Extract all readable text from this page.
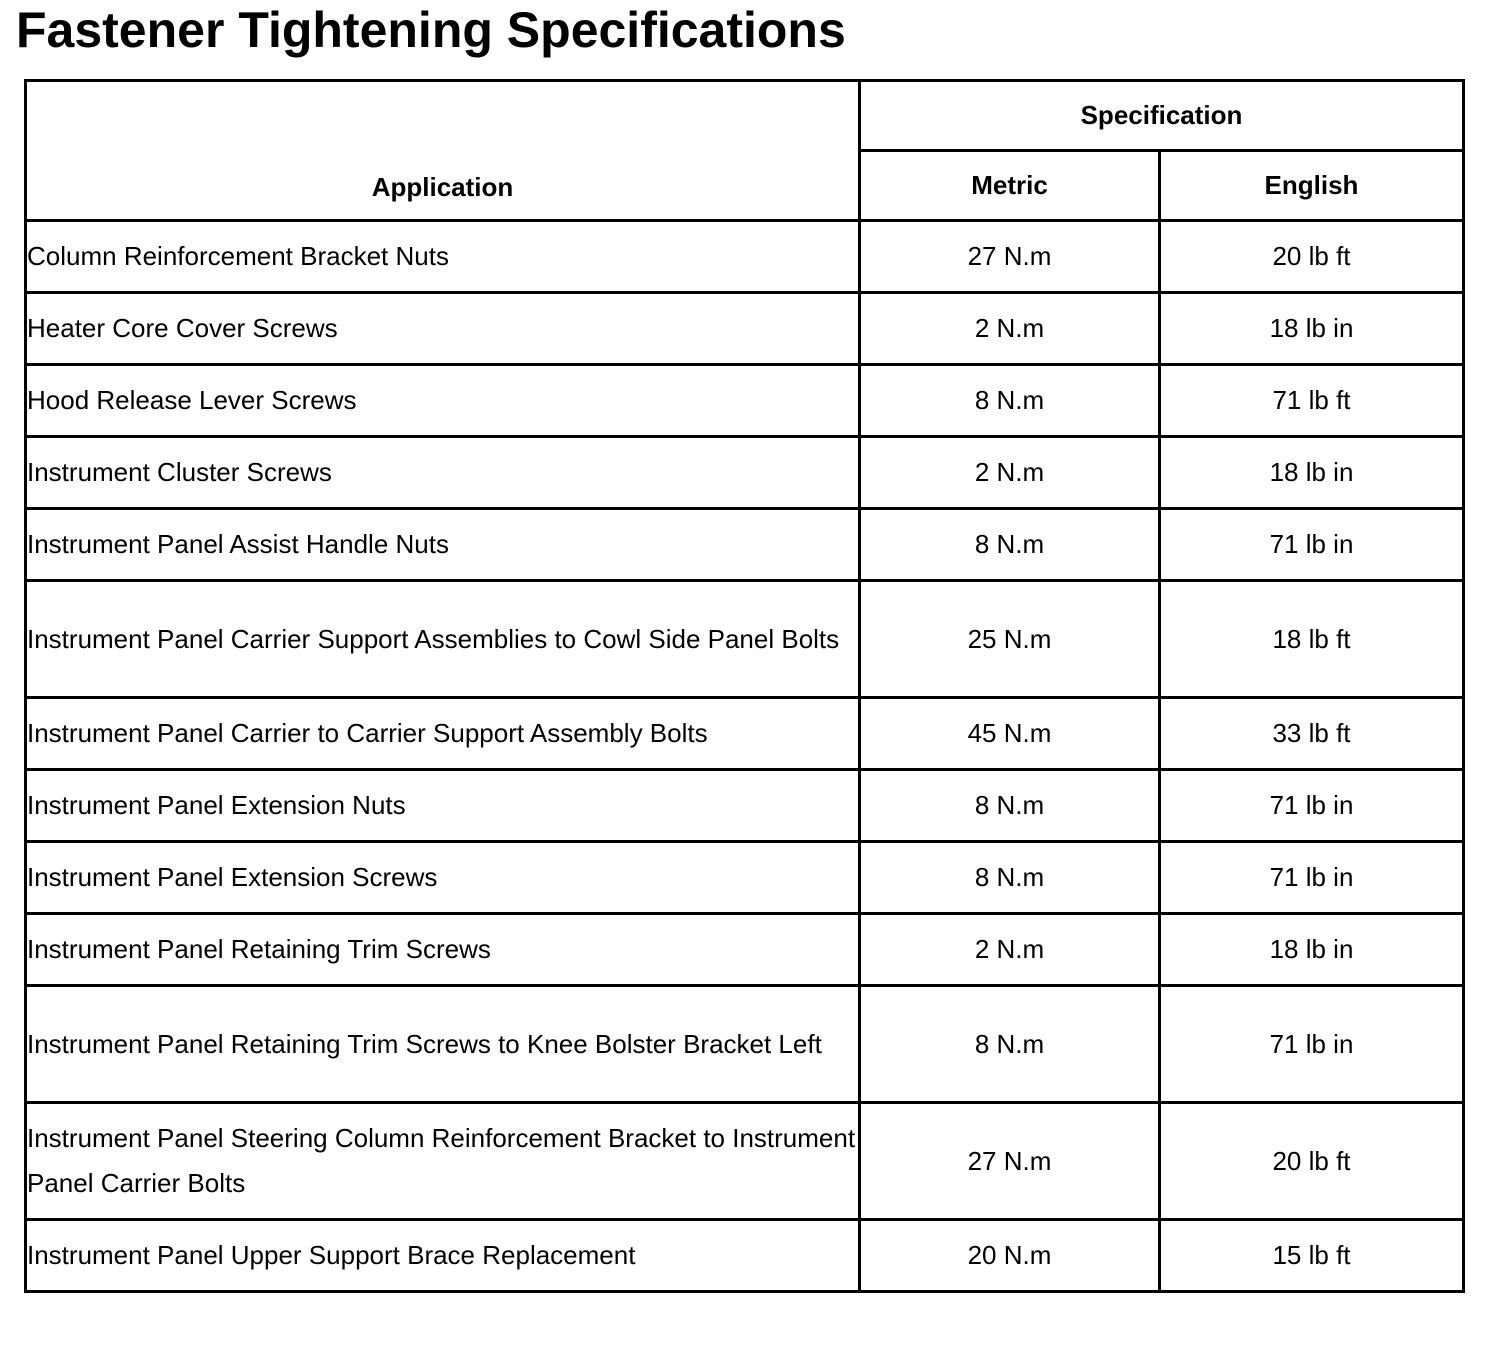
Fastener Tightening Specifications
Application	Specification	
	Metric	English
Column Reinforcement Bracket Nuts	27 N.m	20 lb ft
Heater Core Cover Screws	2 N.m	18 lb in
Hood Release Lever Screws	8 N.m	71 lb ft
Instrument Cluster Screws	2 N.m	18 lb in
Instrument Panel Assist Handle Nuts	8 N.m	71 lb in
Instrument Panel Carrier Support Assemblies to Cowl Side Panel Bolts	25 N.m	18 lb ft
Instrument Panel Carrier to Carrier Support Assembly Bolts	45 N.m	33 lb ft
Instrument Panel Extension Nuts	8 N.m	71 lb in
Instrument Panel Extension Screws	8 N.m	71 lb in
Instrument Panel Retaining Trim Screws	2 N.m	18 lb in
Instrument Panel Retaining Trim Screws to Knee Bolster Bracket Left	8 N.m	71 lb in
Instrument Panel Steering Column Reinforcement Bracket to Instrument Panel Carrier Bolts	27 N.m	20 lb ft
Instrument Panel Upper Support Brace Replacement	20 N.m	15 lb ft
